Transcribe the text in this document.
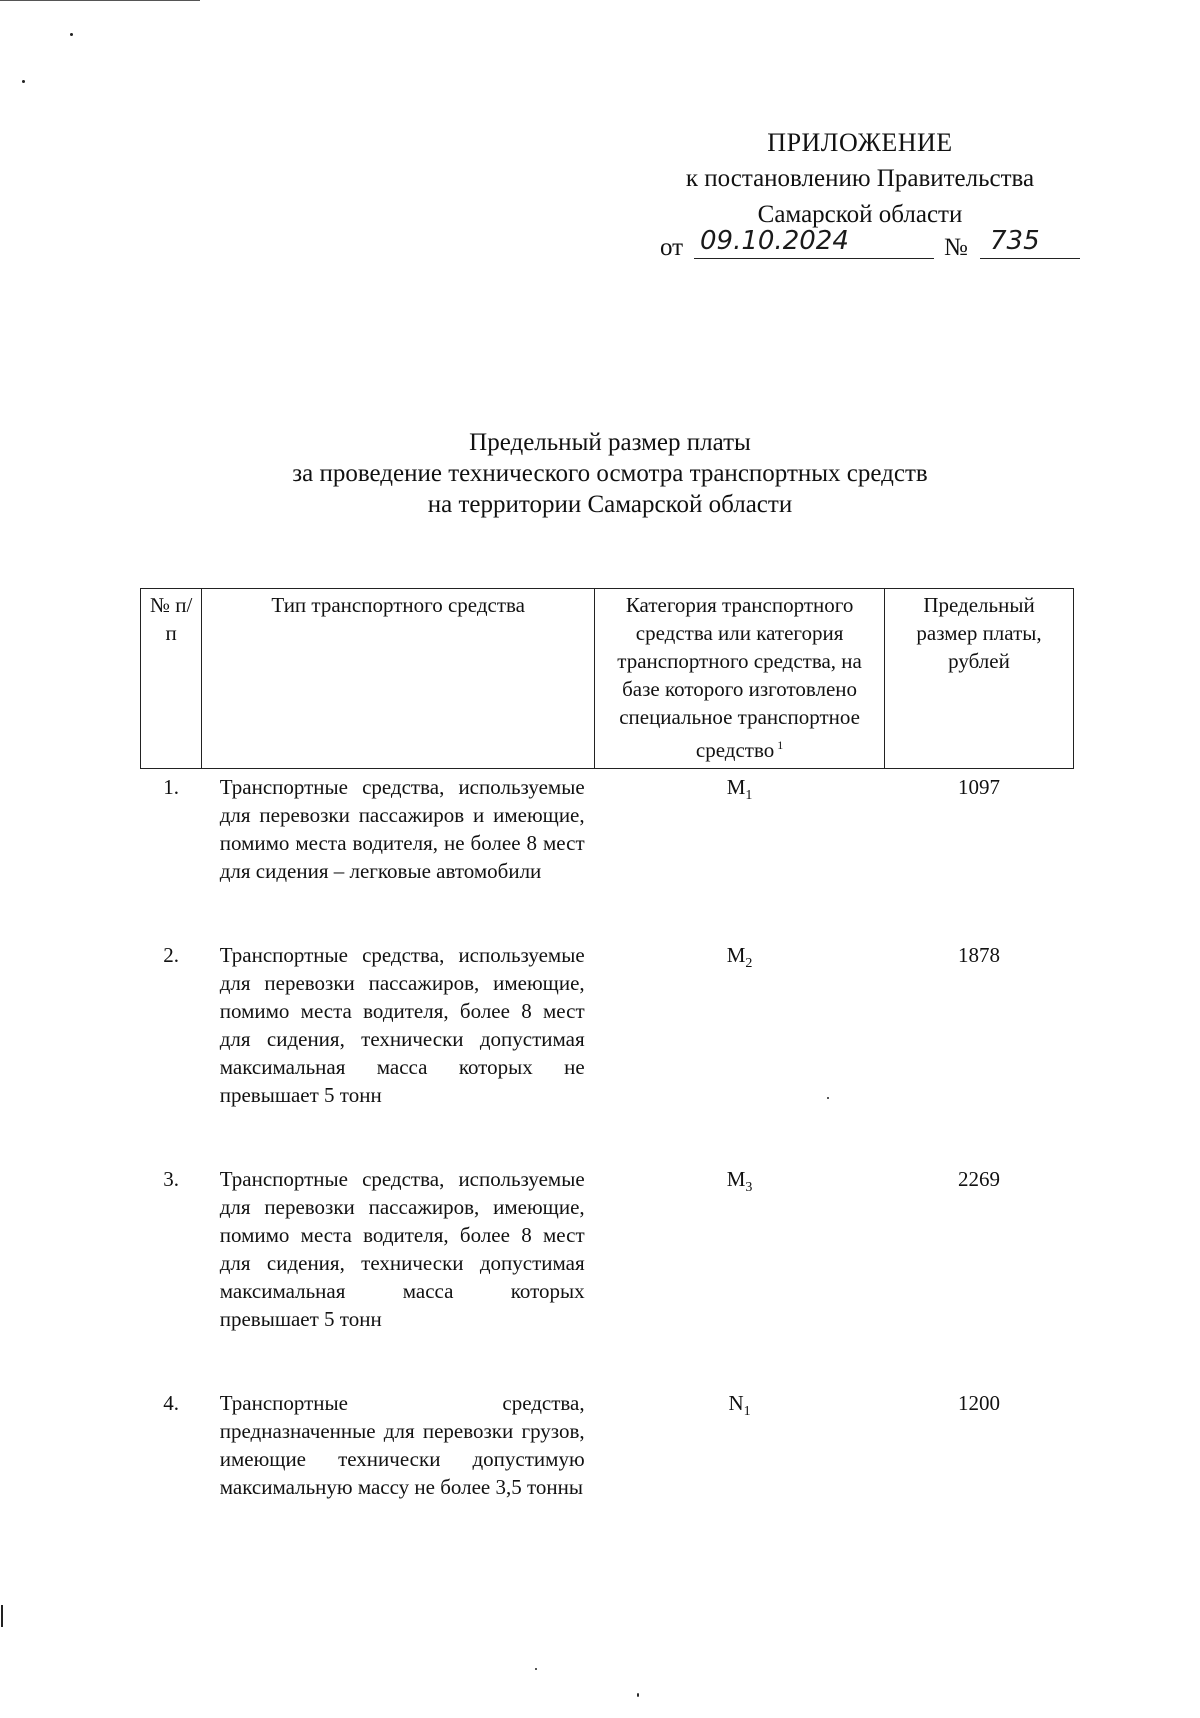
ПРИЛОЖЕНИЕ
к постановлению Правительства
Самарской области
от 09.10.2024	№ 735
Предельный размер платы
за проведение технического осмотра транспортных средств
на территории Самарской области
№ п/п	Тип транспортного средства	Категория транспортного средства или категория транспортного средства, на базе которого изготовлено специальное транспортное средство $^1$	Предельный размер платы, рублей
1.	Транспортные средства, используемые для перевозки пассажиров и имеющие, помимо места водителя, не более 8 мест для сидения – легковые автомобили	$M_1$	1097
2.	Транспортные средства, используемые для перевозки пассажиров, имеющие, помимо места водителя, более 8 мест для сидения, технически допустимая максимальная масса которых не превышает 5 тонн	$M_2$	1878
3.	Транспортные средства, используемые для перевозки пассажиров, имеющие, помимо места водителя, более 8 мест для сидения, технически допустимая максимальная масса которых превышает 5 тонн	$M_3$	2269
4.	Транспортные средства, предназначенные для перевозки грузов, имеющие технически допустимую максимальную массу не более 3,5 тонны	$N_1$	1200
